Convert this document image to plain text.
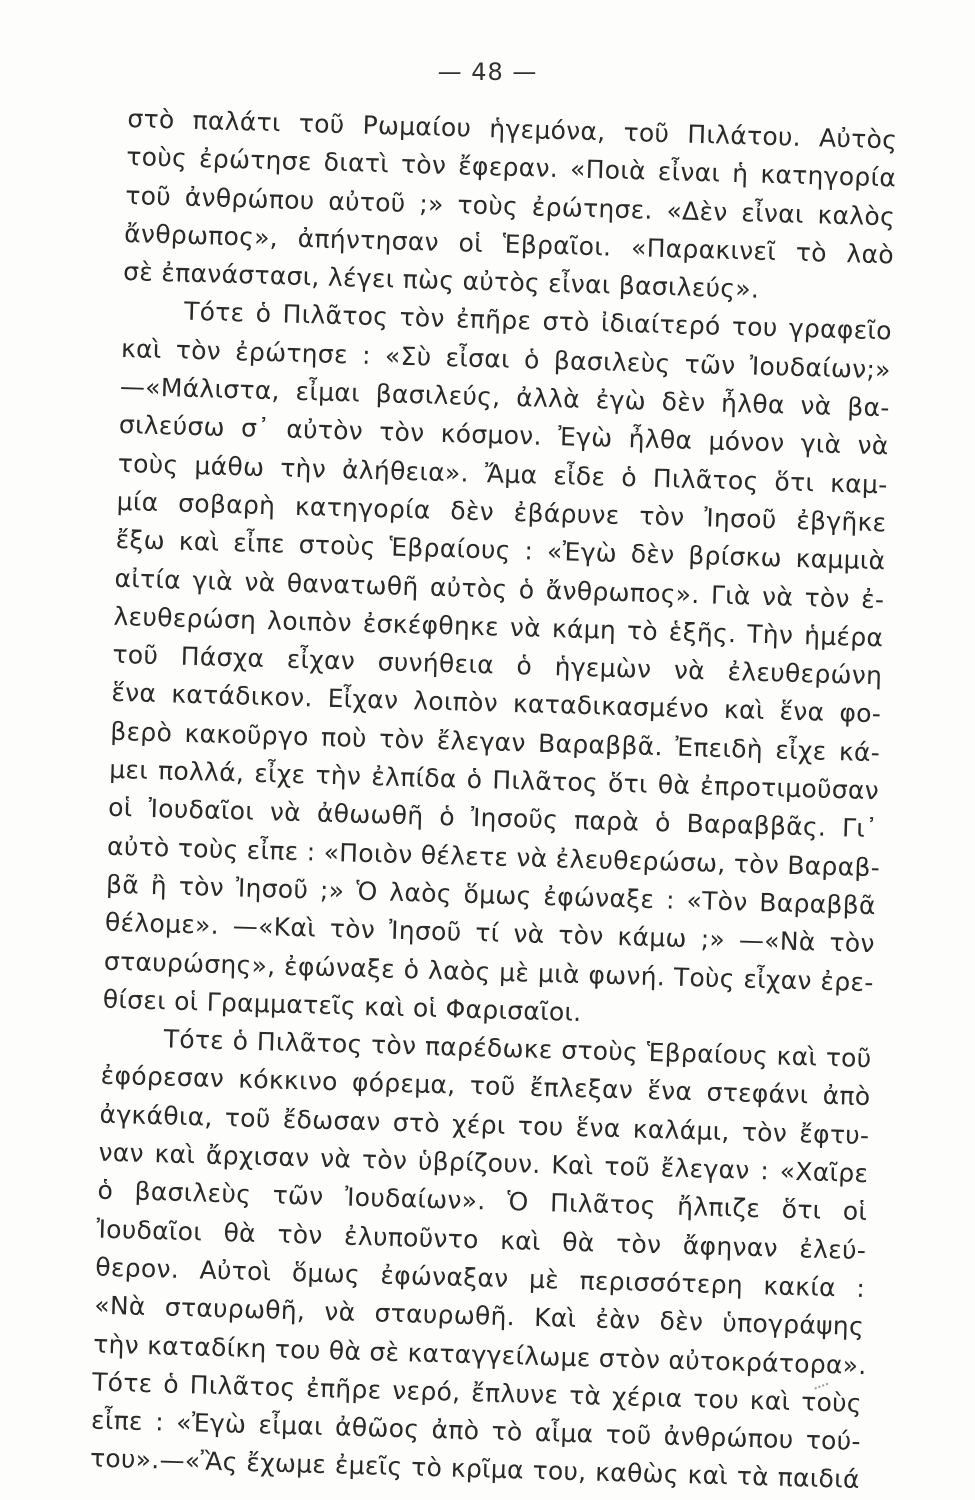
— 48 —
στὸ παλάτι τοῦ Ρωμαίου ἡγεμόνα, τοῦ Πιλάτου. Αὐτὸς
τοὺς ἐρώτησε διατὶ τὸν ἔφεραν. «Ποιὰ εἶναι ἡ κατηγορία
τοῦ ἀνθρώπου αὐτοῦ ;» τοὺς ἐρώτησε. «Δὲν εἶναι καλὸς
ἄνθρωπος», ἀπήντησαν οἱ Ἑβραῖοι. «Παρακινεῖ τὸ λαὸ
σὲ ἐπανάστασι, λέγει πὼς αὐτὸς εἶναι βασιλεύς».
Τότε ὁ Πιλᾶτος τὸν ἐπῆρε στὸ ἰδιαίτερό του γραφεῖο
καὶ τὸν ἐρώτησε : «Σὺ εἶσαι ὁ βασιλεὺς τῶν Ἰουδαίων;»
—«Μάλιστα, εἶμαι βασιλεύς, ἀλλὰ ἐγὼ δὲν ἦλθα νὰ βα-
σιλεύσω σ᾽ αὐτὸν τὸν κόσμον. Ἐγὼ ἦλθα μόνον γιὰ νὰ
τοὺς μάθω τὴν ἀλήθεια». Ἄμα εἶδε ὁ Πιλᾶτος ὅτι καμ-
μία σοβαρὴ κατηγορία δὲν ἐβάρυνε τὸν Ἰησοῦ ἐβγῆκε
ἔξω καὶ εἶπε στοὺς Ἑβραίους : «Ἐγὼ δὲν βρίσκω καμμιὰ
αἰτία γιὰ νὰ θανατωθῆ αὐτὸς ὁ ἄνθρωπος». Γιὰ νὰ τὸν ἐ-
λευθερώση λοιπὸν ἐσκέφθηκε νὰ κάμη τὸ ἑξῆς. Τὴν ἡμέρα
τοῦ Πάσχα εἶχαν συνήθεια ὁ ἡγεμὼν νὰ ἐλευθερώνη
ἕνα κατάδικον. Εἶχαν λοιπὸν καταδικασμένο καὶ ἕνα φο-
βερὸ κακοῦργο ποὺ τὸν ἔλεγαν Βαραββᾶ. Ἐπειδὴ εἶχε κά-
μει πολλά, εἶχε τὴν ἐλπίδα ὁ Πιλᾶτος ὅτι θὰ ἐπροτιμοῦσαν
οἱ Ἰουδαῖοι νὰ ἀθωωθῆ ὁ Ἰησοῦς παρὰ ὁ Βαραββᾶς. Γι᾽
αὐτὸ τοὺς εἶπε : «Ποιὸν θέλετε νὰ ἐλευθερώσω, τὸν Βαραβ-
βᾶ ἢ τὸν Ἰησοῦ ;» Ὁ λαὸς ὅμως ἐφώναξε : «Τὸν Βαραββᾶ
θέλομε». —«Καὶ τὸν Ἰησοῦ τί νὰ τὸν κάμω ;» —«Νὰ τὸν
σταυρώσης», ἐφώναξε ὁ λαὸς μὲ μιὰ φωνή. Τοὺς εἶχαν ἐρε-
θίσει οἱ Γραμματεῖς καὶ οἱ Φαρισαῖοι.
Τότε ὁ Πιλᾶτος τὸν παρέδωκε στοὺς Ἑβραίους καὶ τοῦ
ἐφόρεσαν κόκκινο φόρεμα, τοῦ ἔπλεξαν ἕνα στεφάνι ἀπὸ
ἀγκάθια, τοῦ ἔδωσαν στὸ χέρι του ἕνα καλάμι, τὸν ἔφτυ-
ναν καὶ ἄρχισαν νὰ τὸν ὑβρίζουν. Καὶ τοῦ ἔλεγαν : «Χαῖρε
ὁ βασιλεὺς τῶν Ἰουδαίων». Ὁ Πιλᾶτος ἤλπιζε ὅτι οἱ
Ἰουδαῖοι θὰ τὸν ἐλυποῦντο καὶ θὰ τὸν ἄφηναν ἐλεύ-
θερον. Αὐτοὶ ὅμως ἐφώναξαν μὲ περισσότερη κακία :
«Νὰ σταυρωθῆ, νὰ σταυρωθῆ. Καὶ ἐὰν δὲν ὑπογράψης
τὴν καταδίκη του θὰ σὲ καταγγείλωμε στὸν αὐτοκράτορα».
Τότε ὁ Πιλᾶτος ἐπῆρε νερό, ἔπλυνε τὰ χέρια του καὶ τοὺς
εἶπε : «Ἐγὼ εἶμαι ἀθῶος ἀπὸ τὸ αἷμα τοῦ ἀνθρώπου τού-
του».—«Ἂς ἔχωμε ἐμεῖς τὸ κρῖμα του, καθὼς καὶ τὰ παιδιά
